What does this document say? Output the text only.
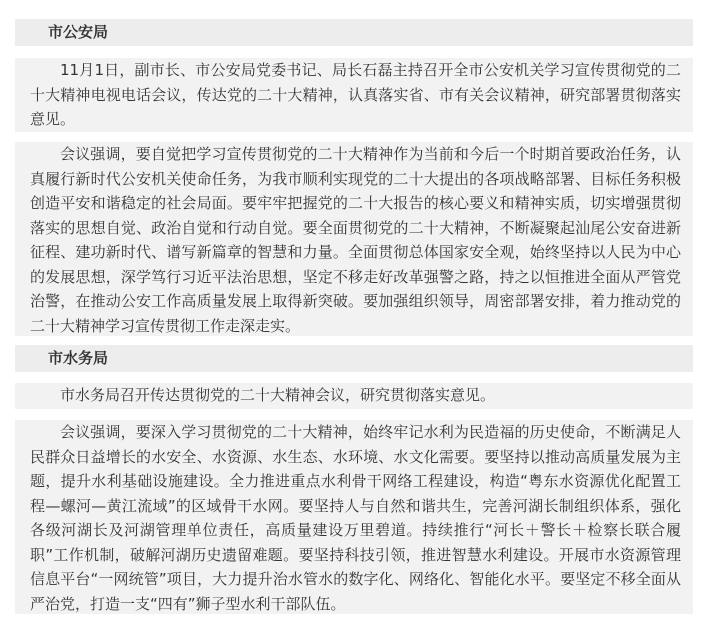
市公安局
11月1日，副市长、市公安局党委书记、局长石磊主持召开全市公安机关学习宣传贯彻党的二十大精神电视电话会议，传达党的二十大精神，认真落实省、市有关会议精神，研究部署贯彻落实意见。
会议强调，要自觉把学习宣传贯彻党的二十大精神作为当前和今后一个时期首要政治任务，认真履行新时代公安机关使命任务，为我市顺利实现党的二十大提出的各项战略部署、目标任务积极创造平安和谐稳定的社会局面。要牢牢把握党的二十大报告的核心要义和精神实质，切实增强贯彻落实的思想自觉、政治自觉和行动自觉。要全面贯彻党的二十大精神，不断凝聚起汕尾公安奋进新征程、建功新时代、谱写新篇章的智慧和力量。全面贯彻总体国家安全观，始终坚持以人民为中心的发展思想，深学笃行习近平法治思想，坚定不移走好改革强警之路，持之以恒推进全面从严管党治警，在推动公安工作高质量发展上取得新突破。要加强组织领导，周密部署安排，着力推动党的二十大精神学习宣传贯彻工作走深走实。
市水务局
市水务局召开传达贯彻党的二十大精神会议，研究贯彻落实意见。
会议强调，要深入学习贯彻党的二十大精神，始终牢记水利为民造福的历史使命，不断满足人民群众日益增长的水安全、水资源、水生态、水环境、水文化需要。要坚持以推动高质量发展为主题，提升水利基础设施建设。全力推进重点水利骨干网络工程建设，构造“粤东水资源优化配置工程—螺河—黄江流域”的区域骨干水网。要坚持人与自然和谐共生，完善河湖长制组织体系，强化各级河湖长及河湖管理单位责任，高质量建设万里碧道。持续推行“河长＋警长＋检察长联合履职”工作机制，破解河湖历史遗留难题。要坚持科技引领，推进智慧水利建设。开展市水资源管理信息平台“一网统管”项目，大力提升治水管水的数字化、网络化、智能化水平。要坚定不移全面从严治党，打造一支“四有”狮子型水利干部队伍。
